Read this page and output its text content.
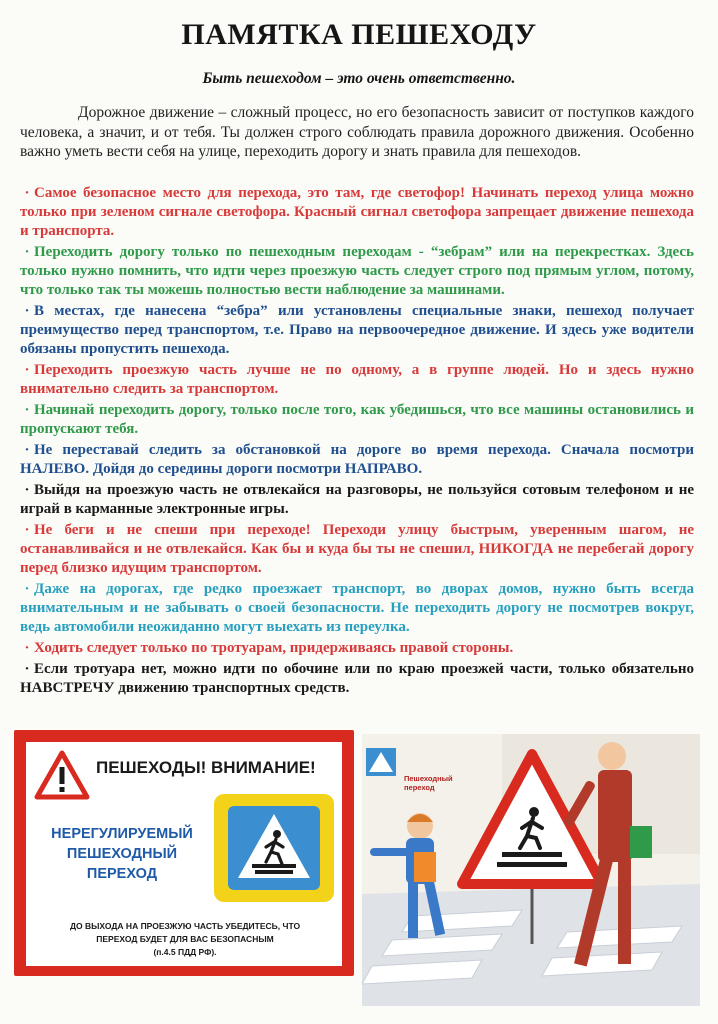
ПАМЯТКА ПЕШЕХОДУ
Быть пешеходом – это очень ответственно.
Дорожное движение – сложный процесс, но его безопасность зависит от поступков каждого человека, а значит, и от тебя. Ты должен строго соблюдать правила дорожного движения. Особенно важно уметь вести себя на улице, переходить дорогу и знать правила для пешеходов.
· Самое безопасное место для перехода, это там, где светофор! Начинать переход улица можно только при зеленом сигнале светофора. Красный сигнал светофора запрещает движение пешехода и транспорта.
· Переходить дорогу только по пешеходным переходам - “зебрам” или на перекрестках. Здесь только нужно помнить, что идти через проезжую часть следует строго под прямым углом, потому, что только так ты можешь полностью вести наблюдение за машинами.
· В местах, где нанесена “зебра” или установлены специальные знаки, пешеход получает преимущество перед транспортом, т.е. Право на первоочередное движение. И здесь уже водители обязаны пропустить пешехода.
· Переходить проезжую часть лучше не по одному, а в группе людей. Но и здесь нужно внимательно следить за транспортом.
· Начинай переходить дорогу, только после того, как убедишься, что все машины остановились и пропускают тебя.
· Не переставай следить за обстановкой на дороге во время перехода. Сначала посмотри НАЛЕВО. Дойдя до середины дороги посмотри НАПРАВО.
· Выйдя на проезжую часть не отвлекайся на разговоры, не пользуйся сотовым телефоном и не играй в карманные электронные игры.
· Не беги и не спеши при переходе! Переходи улицу быстрым, уверенным шагом, не останавливайся и не отвлекайся. Как бы и куда бы ты не спешил, НИКОГДА не перебегай дорогу перед близко идущим транспортом.
· Даже на дорогах, где редко проезжает транспорт, во дворах домов, нужно быть всегда внимательным и не забывать о своей безопасности. Не переходить дорогу не посмотрев вокруг, ведь автомобили неожиданно могут выехать из переулка.
· Ходить следует только по тротуарам, придерживаясь правой стороны.
· Если тротуара нет, можно идти по обочине или по краю проезжей части, только обязательно НАВСТРЕЧУ движению транспортных средств.
ПЕШЕХОДЫ! ВНИМАНИЕ!
НЕРЕГУЛИРУЕМЫЙ
ПЕШЕХОДНЫЙ
ПЕРЕХОД
ДО ВЫХОДА НА ПРОЕЗЖУЮ ЧАСТЬ УБЕДИТЕСЬ, ЧТО
ПЕРЕХОД БУДЕТ ДЛЯ ВАС БЕЗОПАСНЫМ
(п.4.5 ПДД РФ).
Пешеходный
переход
